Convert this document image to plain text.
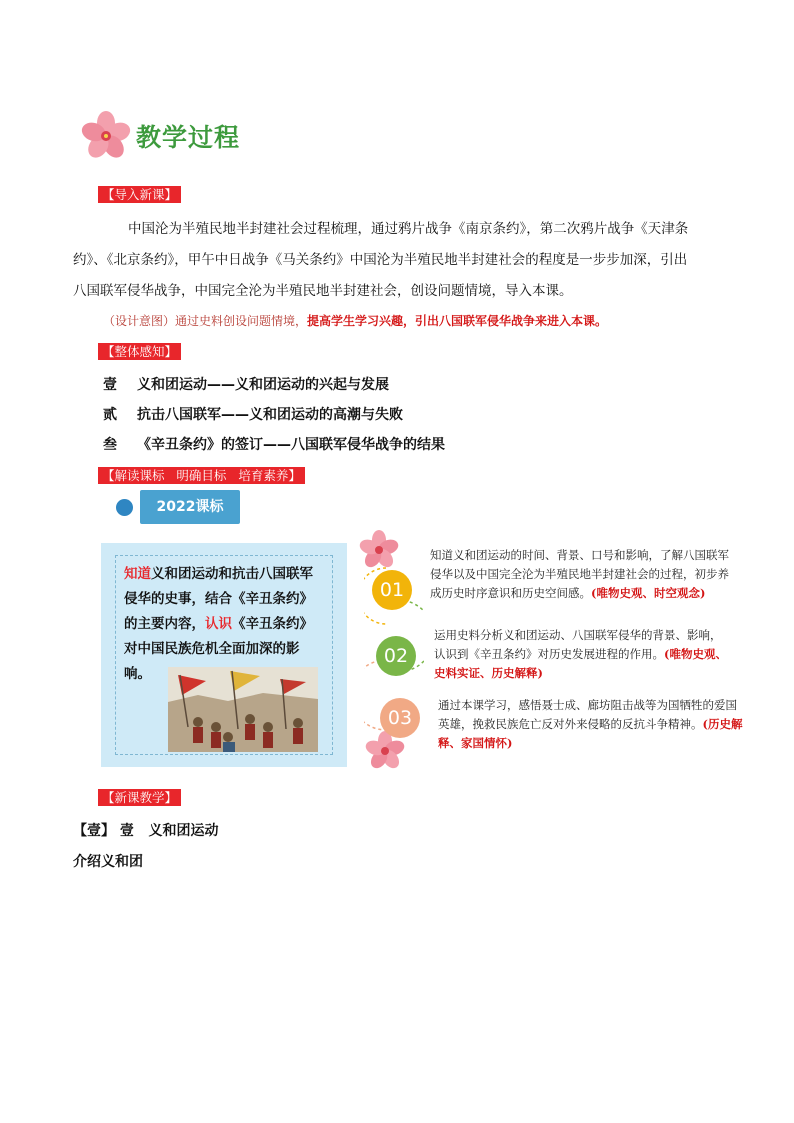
教学过程
【导入新课】
中国沦为半殖民地半封建社会过程梳理，通过鸦片战争《南京条约》，第二次鸦片战争《天津条
约》、《北京条约》，甲午中日战争《马关条约》中国沦为半殖民地半封建社会的程度是一步步加深，引出
八国联军侵华战争，中国完全沦为半殖民地半封建社会，创设问题情境，导入本课。
（设计意图）通过史料创设问题情境，提高学生学习兴趣，引出八国联军侵华战争来进入本课。
【整体感知】
壹 义和团运动——义和团运动的兴起与发展
贰 抗击八国联军——义和团运动的高潮与失败
叁 《辛丑条约》的签订——八国联军侵华战争的结果
【解读课标   明确目标   培育素养】
2022课标
知道义和团运动和抗击八国联军侵华的史事，结合《辛丑条约》的主要内容，认识《辛丑条约》对中国民族危机全面加深的影响。
01
知道义和团运动的时间、背景、口号和影响，了解八国联军侵华以及中国完全沦为半殖民地半封建社会的过程，初步养成历史时序意识和历史空间感。(唯物史观、时空观念)
02
运用史料分析义和团运动、八国联军侵华的背景、影响，认识到《辛丑条约》对历史发展进程的作用。(唯物史观、史料实证、历史解释)
03
通过本课学习，感悟聂士成、廊坊阻击战等为国牺牲的爱国英雄，挽救民族危亡反对外来侵略的反抗斗争精神。(历史解释、家国情怀)
【新课教学】
【壹】 壹   义和团运动
介绍义和团
